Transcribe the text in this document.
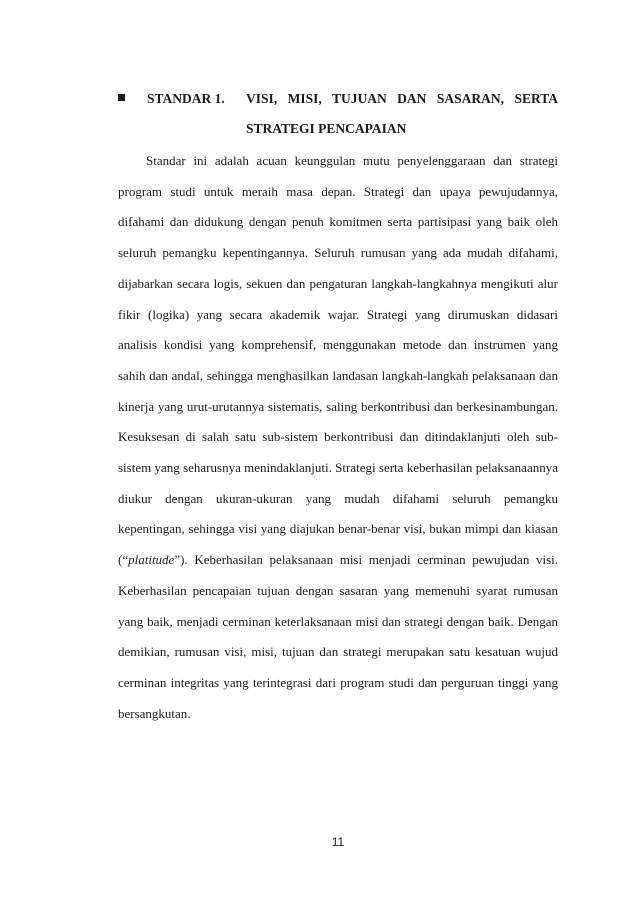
STANDAR 1. VISI, MISI, TUJUAN DAN SASARAN, SERTA
STRATEGI PENCAPAIAN

Standar ini adalah acuan keunggulan mutu penyelenggaraan dan strategi program studi untuk meraih masa depan. Strategi dan upaya pewujudannya, difahami dan didukung dengan penuh komitmen serta partisipasi yang baik oleh seluruh pemangku kepentingannya. Seluruh rumusan yang ada mudah difahami, dijabarkan secara logis, sekuen dan pengaturan langkah-langkahnya mengikuti alur fikir (logika) yang secara akademik wajar. Strategi yang dirumuskan didasari analisis kondisi yang komprehensif, menggunakan metode dan instrumen yang sahih dan andal, sehingga menghasilkan landasan langkah-langkah pelaksanaan dan kinerja yang urut-urutannya sistematis, saling berkontribusi dan berkesinambungan. Kesuksesan di salah satu sub-sistem berkontribusi dan ditindaklanjuti oleh sub-sistem yang seharusnya menindaklanjuti. Strategi serta keberhasilan pelaksanaannya diukur dengan ukuran-ukuran yang mudah difahami seluruh pemangku kepentingan, sehingga visi yang diajukan benar-benar visi, bukan mimpi dan kiasan (“platitude”). Keberhasilan pelaksanaan misi menjadi cerminan pewujudan visi. Keberhasilan pencapaian tujuan dengan sasaran yang memenuhi syarat rumusan yang baik, menjadi cerminan keterlaksanaan misi dan strategi dengan baik. Dengan demikian, rumusan visi, misi, tujuan dan strategi merupakan satu kesatuan wujud cerminan integritas yang terintegrasi dari program studi dan perguruan tinggi yang bersangkutan.

11
